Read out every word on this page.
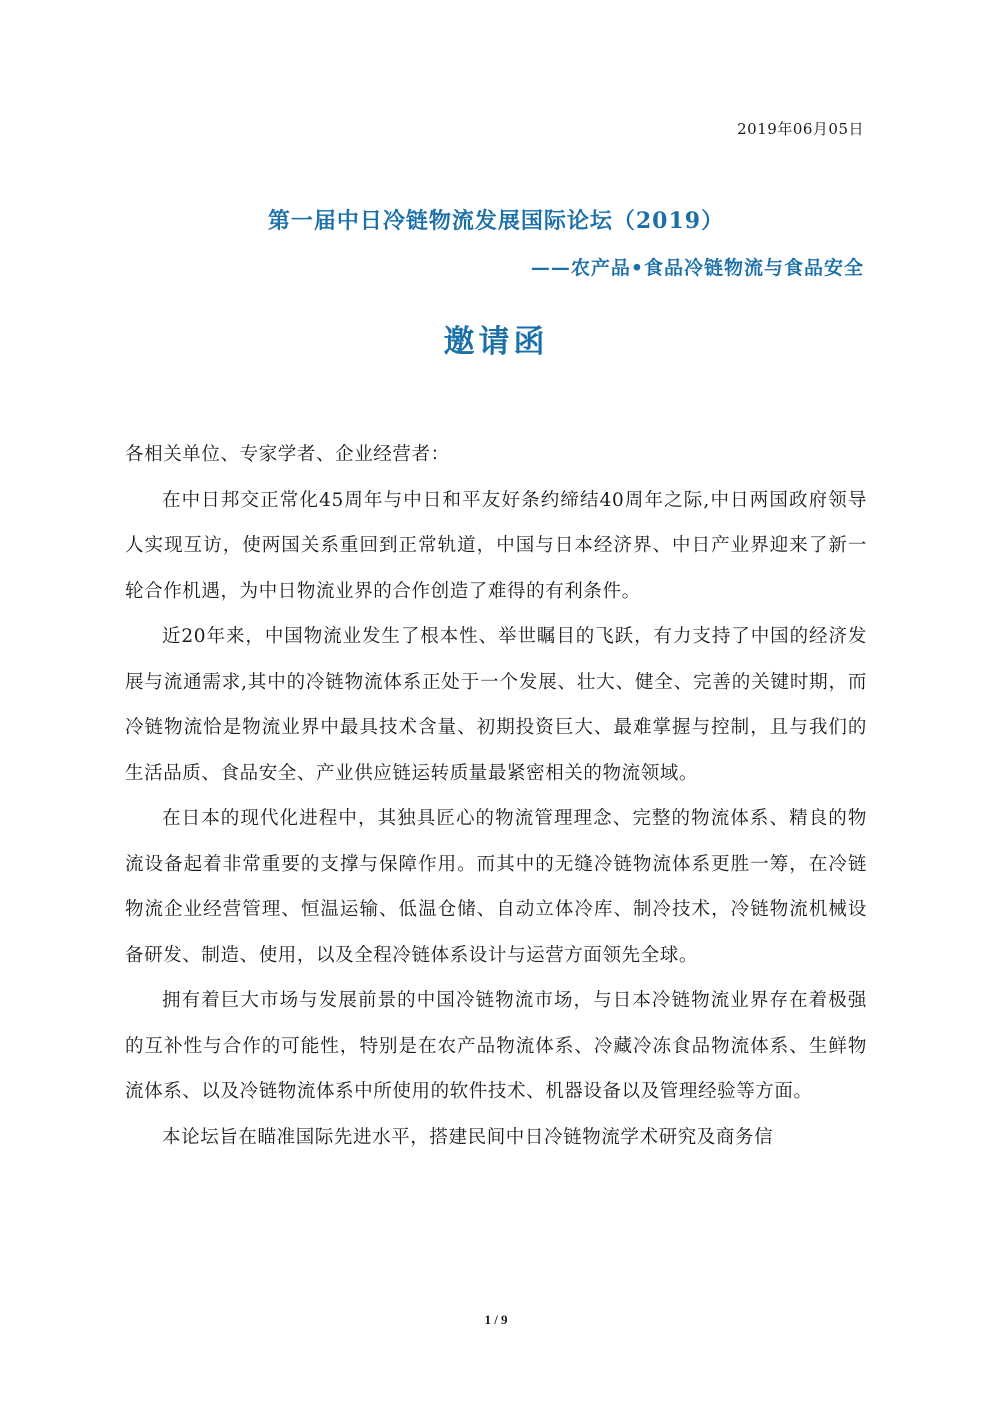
2019年06月05日
第一届中日冷链物流发展国际论坛（2019）
——农产品•食品冷链物流与食品安全
邀请函

各相关单位、专家学者、企业经营者：

在中日邦交正常化45周年与中日和平友好条约缔结40周年之际,中日两国政府领导人实现互访，使两国关系重回到正常轨道，中国与日本经济界、中日产业界迎来了新一轮合作机遇，为中日物流业界的合作创造了难得的有利条件。

近20年来，中国物流业发生了根本性、举世瞩目的飞跃，有力支持了中国的经济发展与流通需求,其中的冷链物流体系正处于一个发展、壮大、健全、完善的关键时期，而冷链物流恰是物流业界中最具技术含量、初期投资巨大、最难掌握与控制，且与我们的生活品质、食品安全、产业供应链运转质量最紧密相关的物流领域。

在日本的现代化进程中，其独具匠心的物流管理理念、完整的物流体系、精良的物流设备起着非常重要的支撑与保障作用。而其中的无缝冷链物流体系更胜一筹，在冷链物流企业经营管理、恒温运输、低温仓储、自动立体冷库、制冷技术，冷链物流机械设备研发、制造、使用，以及全程冷链体系设计与运营方面领先全球。

拥有着巨大市场与发展前景的中国冷链物流市场，与日本冷链物流业界存在着极强的互补性与合作的可能性，特别是在农产品物流体系、冷藏冷冻食品物流体系、生鲜物流体系、以及冷链物流体系中所使用的软件技术、机器设备以及管理经验等方面。

本论坛旨在瞄准国际先进水平，搭建民间中日冷链物流学术研究及商务信

1 / 9
